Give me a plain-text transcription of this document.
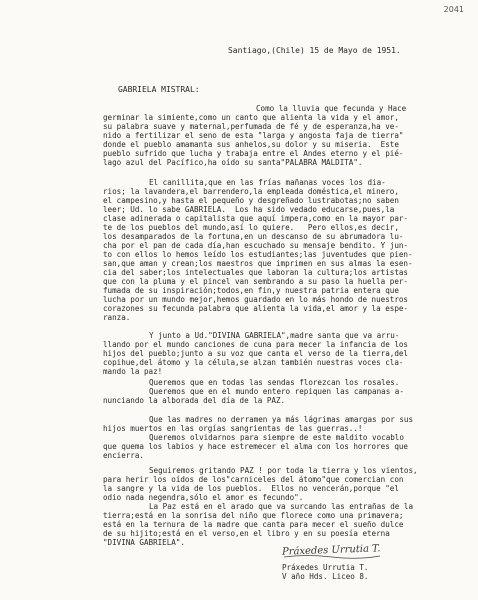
2041

Santiago,(Chile) 15 de Mayo de 1951.

GABRIELA MISTRAL:

Como la lluvia que fecunda y Hace

germinar la simiente,como un canto que alienta la vida y el amor,

su palabra suave y maternal,perfumada de fé y de esperanza,ha ve-

nido a fertilizar el seno de esta "larga y angosta faja de tierra"

donde el pueblo amamanta sus anhelos,su dolor y su miseria.  Este

pueblo sufrido que lucha y trabaja entre el Andes eterno y el pié-

lago azul del Pacífico,ha oído su santa"PALABRA MALDITA".

El canillita,que en las frías mañanas voces los dia-

rios; la lavandera,el barrendero,la empleada doméstica,el minero,

el campesino,y hasta el pequeño y desgreñado lustrabotas;no saben

leer; Ud. lo sabe GABRIELA.  Los ha sido vedado educarse,pues,la

clase adinerada o capitalista que aquí impera,como en la mayor par-

te de los pueblos del mundo,así lo quiere.   Pero ellos,es decir,

los desamparados de la fortuna,en un descanso de su abrumadora lu-

cha por el pan de cada día,han escuchado su mensaje bendito. Y jun-

to con ellos lo hemos leído los estudiantes;las juventudes que pien-

san,que aman y crean;los maestros que imprimen en sus almas la esen-

cia del saber;los intelectuales que laboran la cultura;los artistas

que con la pluma y el pincel van sembrando a su paso la huella per-

fumada de su inspiración;todos,en fin,y nuestra patria entera que

lucha por un mundo mejor,hemos guardado en lo más hondo de nuestros

corazones su fecunda palabra que alienta la vida,el amor y la espe-

ranza.

Y junto a Ud."DIVINA GABRIELA",madre santa que va arru-

llando por el mundo canciones de cuna para mecer la infancia de los

hijos del pueblo;junto a su voz que canta el verso de la tierra,del

copihue,del átomo y la célula,se alzan también nuestras voces cla-

mando la paz!

Queremos que en todas las sendas florezcan los rosales.

Queremos que en el mundo entero repiquen las campanas a-

nunciando la alborada del día de la PAZ.

Que las madres no derramen ya más lágrimas amargas por sus

hijos muertos en las orgías sangrientas de las guerras..!

Queremos olvidarnos para siempre de este maldito vocablo

que quema los labios y hace estremecer el alma con los horrores que

encierra.

Seguiremos gritando PAZ ! por toda la tierra y los vientos,

para herir los oídos de los"carniceles del átomo"que comercian con

la sangre y la vida de los pueblos.  Ellos no vencerán,porque "el

odio nada negendra,sólo el amor es fecundo".

La Paz está en el arado que va surcando las entrañas de la

tierra;está en la sonrisa del niño que florece como una primavera;

está en la ternura de la madre que canta para mecer el sueño dulce

de su hijito;está en el verso,en el libro y en su poesía eterna

"DIVINA GABRIELA".

Práxedes Urrutia T.

Práxedes Urrutia T.

V año Hds. Liceo 8.
